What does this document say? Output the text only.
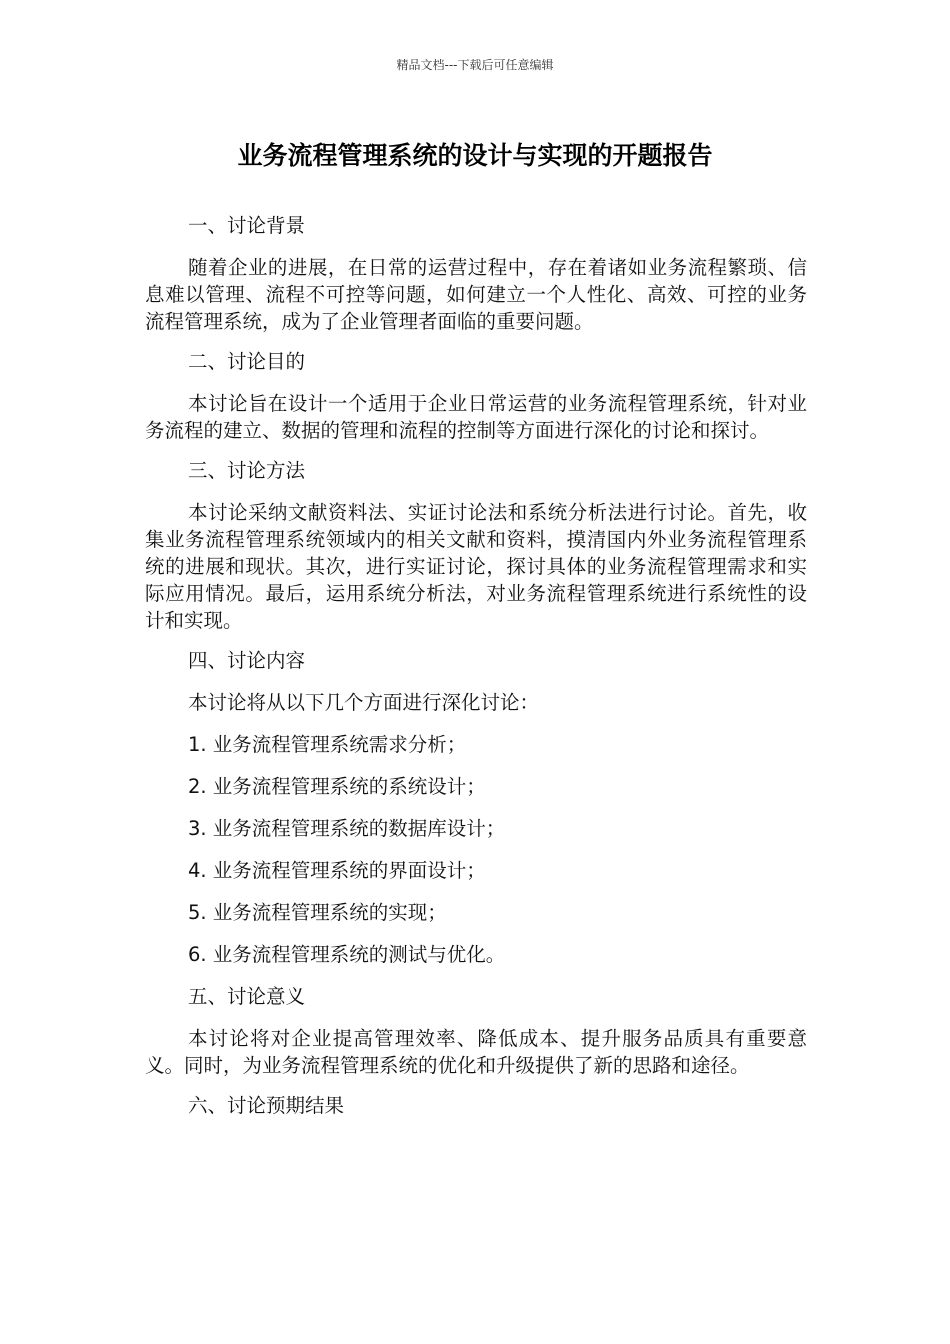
精品文档---下载后可任意编辑
业务流程管理系统的设计与实现的开题报告

一、讨论背景

随着企业的进展，在日常的运营过程中，存在着诸如业务流程繁琐、信息难以管理、流程不可控等问题，如何建立一个人性化、高效、可控的业务流程管理系统，成为了企业管理者面临的重要问题。

二、讨论目的

本讨论旨在设计一个适用于企业日常运营的业务流程管理系统，针对业务流程的建立、数据的管理和流程的控制等方面进行深化的讨论和探讨。

三、讨论方法

本讨论采纳文献资料法、实证讨论法和系统分析法进行讨论。首先，收集业务流程管理系统领域内的相关文献和资料，摸清国内外业务流程管理系统的进展和现状。其次，进行实证讨论，探讨具体的业务流程管理需求和实际应用情况。最后，运用系统分析法，对业务流程管理系统进行系统性的设计和实现。

四、讨论内容

本讨论将从以下几个方面进行深化讨论：

1. 业务流程管理系统需求分析；

2. 业务流程管理系统的系统设计；

3. 业务流程管理系统的数据库设计；

4. 业务流程管理系统的界面设计；

5. 业务流程管理系统的实现；

6. 业务流程管理系统的测试与优化。

五、讨论意义

本讨论将对企业提高管理效率、降低成本、提升服务品质具有重要意义。同时，为业务流程管理系统的优化和升级提供了新的思路和途径。

六、讨论预期结果
